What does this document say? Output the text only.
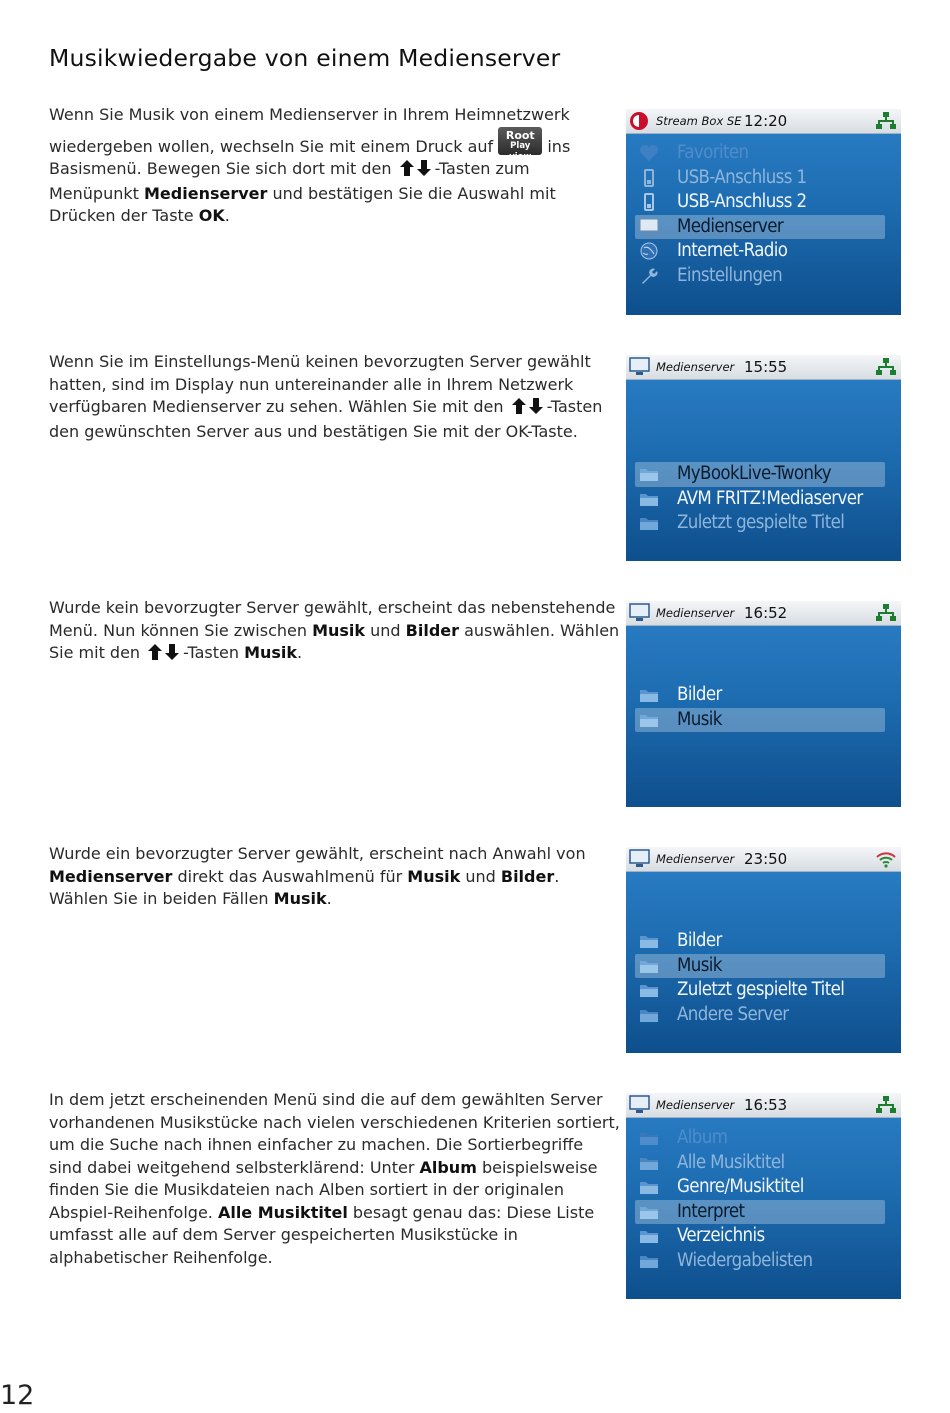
Musikwiedergabe von einem Medienserver

Wenn Sie Musik von einem Medienserver in Ihrem Heimnetzwerk wiedergeben wollen, wechseln Sie mit einem Druck auf
Root
Play view
ins Basismenü. Bewegen Sie sich dort mit den -Tasten zum Menüpunkt Medienserver und bestätigen Sie die Auswahl mit Drücken der Taste OK.

Wenn Sie im Einstellungs-Menü keinen bevorzugten Server gewählt hatten, sind im Display nun untereinander alle in Ihrem Netzwerk verfügbaren Medienserver zu sehen. Wählen Sie mit den -Tasten den gewünschten Server aus und bestätigen Sie mit der OK-Taste.

Wurde kein bevorzugter Server gewählt, erscheint das nebenstehende Menü. Nun können Sie zwischen Musik und Bilder auswählen. Wählen Sie mit den -Tasten Musik.

Wurde ein bevorzugter Server gewählt, erscheint nach Anwahl von Medienserver direkt das Auswahlmenü für Musik und Bilder. Wählen Sie in beiden Fällen Musik.

In dem jetzt erscheinenden Menü sind die auf dem gewählten Server vorhandenen Musikstücke nach vielen verschiedenen Kriterien sortiert, um die Suche nach ihnen einfacher zu machen. Die Sortierbegriffe sind dabei weitgehend selbsterklärend: Unter Album beispielsweise finden Sie die Musikdateien nach Alben sortiert in der originalen Abspiel-Reihenfolge. Alle Musiktitel besagt genau das: Diese Liste umfasst alle auf dem Server gespeicherten Musikstücke in alphabetischer Reihenfolge.

Stream Box SE 12:20
Favoriten
USB-Anschluss 1
USB-Anschluss 2
Medienserver
Internet-Radio
Einstellungen
Medienserver 15:55
MyBookLive-Twonky
AVM FRITZ!Mediaserver
Zuletzt gespielte Titel
Medienserver 16:52
Bilder
Musik
Medienserver 23:50
Bilder
Musik
Zuletzt gespielte Titel
Andere Server
Medienserver 16:53
Album
Alle Musiktitel
Genre/Musiktitel
Interpret
Verzeichnis
Wiedergabelisten
12
